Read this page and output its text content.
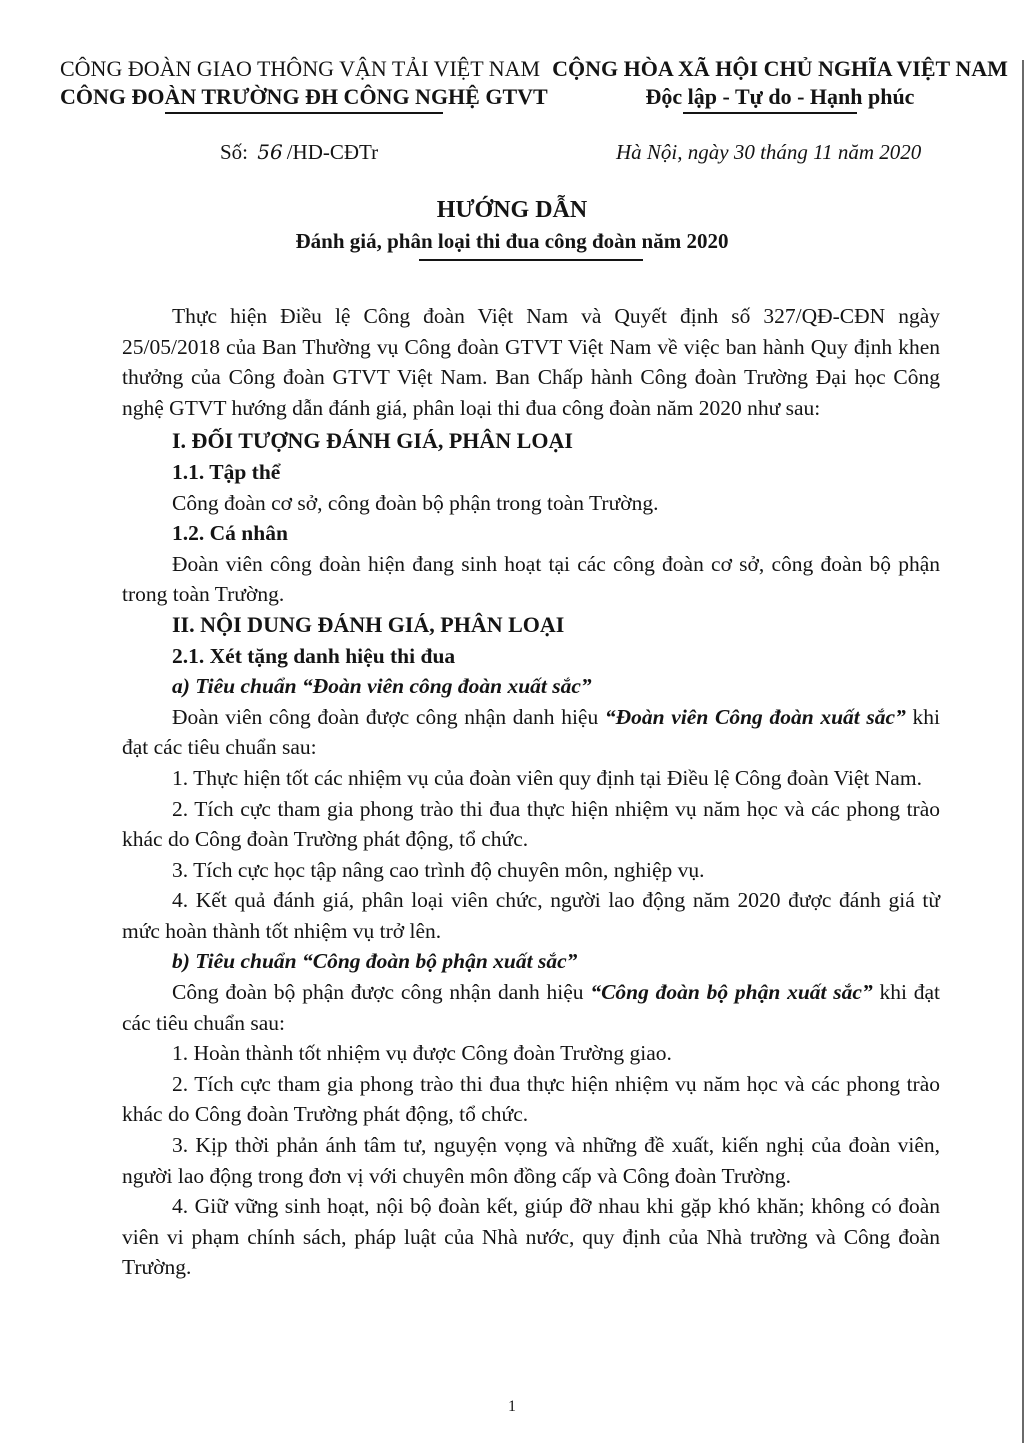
CÔNG ĐOÀN GIAO THÔNG VẬN TẢI VIỆT NAM
CÔNG ĐOÀN TRƯỜNG ĐH CÔNG NGHỆ GTVT
CỘNG HÒA XÃ HỘI CHỦ NGHĨA VIỆT NAM
Độc lập - Tự do - Hạnh phúc
Số: 56 /HD-CĐTr	Hà Nội, ngày 30 tháng 11 năm 2020
HƯỚNG DẪN
Đánh giá, phân loại thi đua công đoàn năm 2020

Thực hiện Điều lệ Công đoàn Việt Nam và Quyết định số 327/QĐ-CĐN ngày 25/05/2018 của Ban Thường vụ Công đoàn GTVT Việt Nam về việc ban hành Quy định khen thưởng của Công đoàn GTVT Việt Nam. Ban Chấp hành Công đoàn Trường Đại học Công nghệ GTVT hướng dẫn đánh giá, phân loại thi đua công đoàn năm 2020 như sau:

I. ĐỐI TƯỢNG ĐÁNH GIÁ, PHÂN LOẠI

1.1. Tập thể

Công đoàn cơ sở, công đoàn bộ phận trong toàn Trường.

1.2. Cá nhân

Đoàn viên công đoàn hiện đang sinh hoạt tại các công đoàn cơ sở, công đoàn bộ phận trong toàn Trường.

II. NỘI DUNG ĐÁNH GIÁ, PHÂN LOẠI

2.1. Xét tặng danh hiệu thi đua

a) Tiêu chuẩn “Đoàn viên công đoàn xuất sắc”

Đoàn viên công đoàn được công nhận danh hiệu “Đoàn viên Công đoàn xuất sắc” khi đạt các tiêu chuẩn sau:

1. Thực hiện tốt các nhiệm vụ của đoàn viên quy định tại Điều lệ Công đoàn Việt Nam.

2. Tích cực tham gia phong trào thi đua thực hiện nhiệm vụ năm học và các phong trào khác do Công đoàn Trường phát động, tổ chức.

3. Tích cực học tập nâng cao trình độ chuyên môn, nghiệp vụ.

4. Kết quả đánh giá, phân loại viên chức, người lao động năm 2020 được đánh giá từ mức hoàn thành tốt nhiệm vụ trở lên.

b) Tiêu chuẩn “Công đoàn bộ phận xuất sắc”

Công đoàn bộ phận được công nhận danh hiệu “Công đoàn bộ phận xuất sắc” khi đạt các tiêu chuẩn sau:

1. Hoàn thành tốt nhiệm vụ được Công đoàn Trường giao.

2. Tích cực tham gia phong trào thi đua thực hiện nhiệm vụ năm học và các phong trào khác do Công đoàn Trường phát động, tổ chức.

3. Kịp thời phản ánh tâm tư, nguyện vọng và những đề xuất, kiến nghị của đoàn viên, người lao động trong đơn vị với chuyên môn đồng cấp và Công đoàn Trường.

4. Giữ vững sinh hoạt, nội bộ đoàn kết, giúp đỡ nhau khi gặp khó khăn; không có đoàn viên vi phạm chính sách, pháp luật của Nhà nước, quy định của Nhà trường và Công đoàn Trường.

1
